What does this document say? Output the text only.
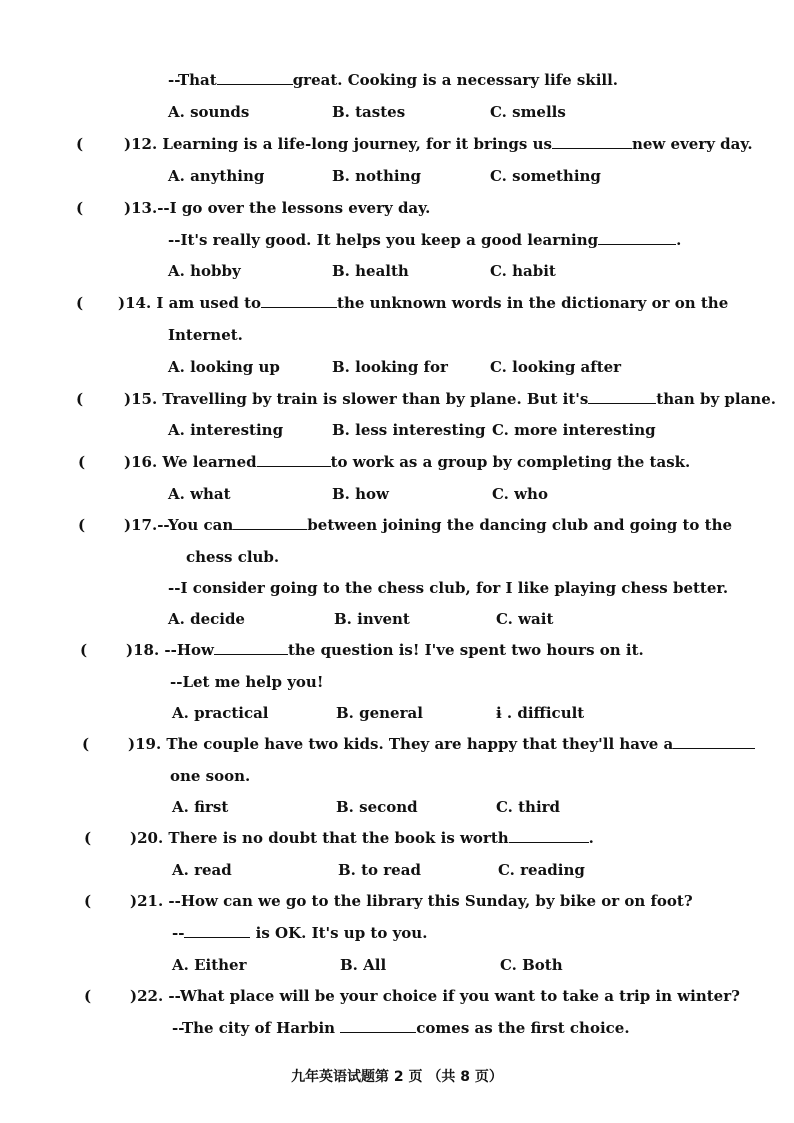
--That	great. Cooking is a necessary life skill.
A. sounds	B. tastes	C. smells
(	)12. Learning is a life-long journey, for it brings us	new every day.
A. anything	B. nothing	C. something
(	)13.--I go over the lessons every day.
--It's really good. It helps you keep a good learning	.
A. hobby	B. health	C. habit
( )14. I am used to	the unknown words in the dictionary or on the
Internet.
A. looking up	B. looking for	C. looking after
(	)15. Travelling by train is slower than by plane. But it's	than by plane.
A. interesting	B. less interesting C. more interesting
(	)16. We learned	to work as a group by completing the task.
A. what	B. how	C. who
(	)17.--You can	between joining the dancing club and going to the
chess club.
--I consider going to the chess club, for I like playing chess better.
A. decide	B. invent	C. wait
(	)18. --How	the question is! I've spent two hours on it.
--Let me help you!
A. practical	B. general	ɨ . difficult
(	)19. The couple have two kids. They are happy that they'll have a
one soon.
A. first	B. second	C. third
(	)20. There is no doubt that the book is worth	.
A. read	B. to read	C. reading
(	)21. --How can we go to the library this Sunday, by bike or on foot?
--	is OK. It's up to you.
A. Either	B. All	C. Both
(	)22. --What place will be your choice if you want to take a trip in winter?
--The city of Harbin	comes as the first choice.
九年英语试题第 2 页 （共 8 页）
